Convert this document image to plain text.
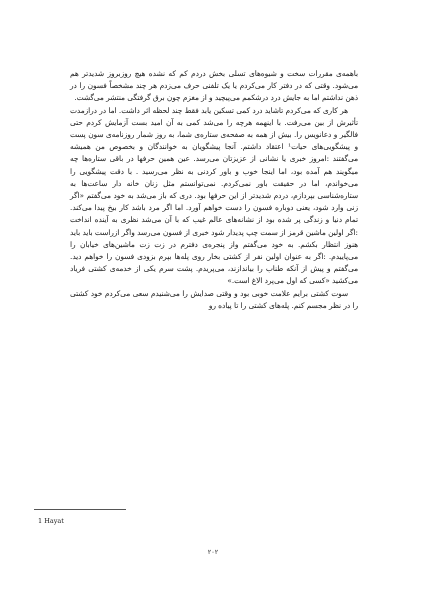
باهمه‌ی مقررات سخت و شیوه‌های تسلی بخش دردم کم که نشده هیچ روزبروز شدیدتر هم می‌شود. وقتی که در دفتر کار می‌کردم یا یک تلفنی حرف می‌زدم هر چند مشخصاً فسون را در ذهن نداشتم اما به جایش درد درشکمم می‌پیچید و از مغزم چون برق گرفتگی منتشر می‌گشت.

هر کاری که می‌کردم تاشاید درد کمی تسکین یابد فقط چند لحظه اثر داشت. اما در درازمدت تأثیرش از بین می‌رفت. با اینهمه هرچه را می‌شد کمی به آن امید بست آزمایش کردم حتی فالگیر و دعانویس را. بیش از همه به صفحه‌ی ستاره‌ی شما، به روز شمار روزنامه‌ی سون پست و پیشگویی‌های حیات¹ اعتقاد داشتم. آنجا پیشگویان به خوانندگان و بخصوص من همیشه می‌گفتند :امروز خبری یا نشانی از عزیزتان می‌رسد. عین همین حرفها در باقی ستاره‌ها چه میگویند هم آمده بود، اما اینجا خوب و باور کردنی به نظر می‌رسید . با دقت پیشگویی را می‌خواندم، اما در حقیقت باور نمی‌کردم. نمی‌توانستم مثل زنان خانه دار ساعت‌ها به ستاره‌شناسی بپردازم، دردم شدیدتر از این حرفها بود. دری که باز می‌شد به خود می‌گفتم «اگر زنی وارد شود، یعنی دوباره فسون را دست خواهم آورد. اما اگر مرد باشد کار بیخ پیدا می‌کند. تمام دنیا و زندگی پر شده بود از نشانه‌های عالم غیب که با آن می‌شد نظری به آینده انداخت :اگر اولین ماشین قرمز از سمت چپ پدیدار شود خبری از فسون می‌رسد واگر ازراست باید باید هنوز انتظار بکشم. به خود می‌گفتم واز پنجره‌ی دفترم در زت زت ماشین‌های خیابان را می‌پاییدم. :اگر به عنوان اولین نفر از کشتی بخار روی پله‌ها بپرم بزودی فسون را خواهم دید. می‌گفتم و پیش از آنکه طناب را بیاندازند، می‌پریدم. پشت سرم یکی از خدمه‌ی کشتی فریاد می‌کشید «کسی که اول می‌پرد الاغ است.»

سوت کشتی برایم علامت خوبی بود و وقتی صدایش را می‌شنیدم سعی می‌کردم خود کشتی را در نظر مجسم کنم. پله‌های کشتی را تا پیاده رو

1 Hayat
۲۰۲
